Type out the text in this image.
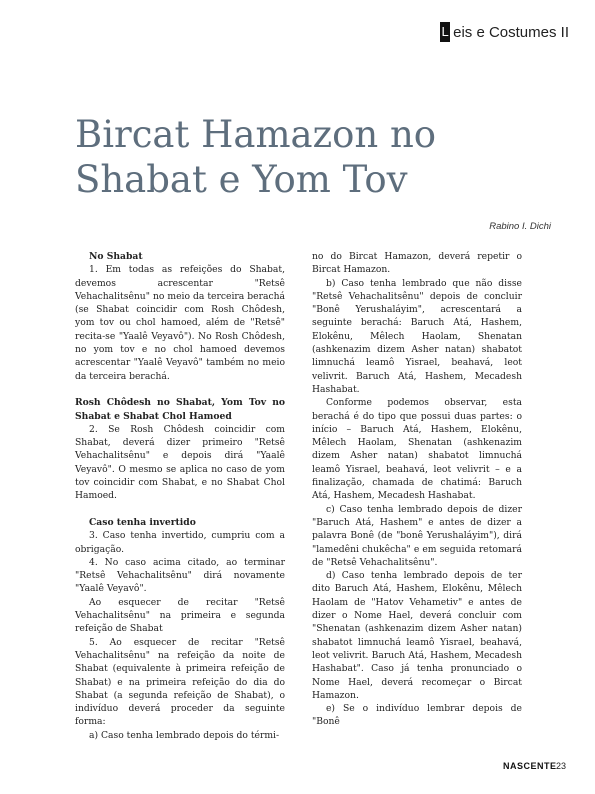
L eis e Costumes II
Bircat Hamazon no Shabat e Yom Tov
Rabino I. Dichi

No Shabat

1. Em todas as refeições do Shabat, devemos acrescentar "Retsê Vehachalitsênu" no meio da terceira berachá (se Shabat coincidir com Rosh Chôdesh, yom tov ou chol hamoed, além de "Retsê" recita-se "Yaalê Veyavô"). No Rosh Chôdesh, no yom tov e no chol hamoed devemos acrescentar "Yaalê Veyavô" também no meio da terceira berachá.

Rosh Chôdesh no Shabat, Yom Tov no Shabat e Shabat Chol Hamoed

2. Se Rosh Chôdesh coincidir com Shabat, deverá dizer primeiro "Retsê Vehachalitsênu" e depois dirá "Yaalê Veyavô". O mesmo se aplica no caso de yom tov coincidir com Shabat, e no Shabat Chol Hamoed.

Caso tenha invertido

3. Caso tenha invertido, cumpriu com a obrigação.

4. No caso acima citado, ao terminar "Retsê Vehachalitsênu" dirá novamente "Yaalê Veyavô".

Ao esquecer de recitar "Retsê Vehachalitsênu" na primeira e segunda refeição de Shabat

5. Ao esquecer de recitar "Retsê Vehachalitsênu" na refeição da noite de Shabat (equivalente à primeira refeição de Shabat) e na primeira refeição do dia do Shabat (a segunda refeição de Shabat), o indivíduo deverá proceder da seguinte forma:

a) Caso tenha lembrado depois do térmi-

no do Bircat Hamazon, deverá repetir o Bircat Hamazon.

b) Caso tenha lembrado que não disse "Retsê Vehachalitsênu" depois de concluir "Bonê Yerushaláyim", acrescentará a seguinte berachá: Baruch Atá, Hashem, Elokênu, Mêlech Haolam, Shenatan (ashkenazim dizem Asher natan) shabatot limnuchá leamô Yisrael, beahavá, leot velivrit. Baruch Atá, Hashem, Mecadesh Hashabat.

Conforme podemos observar, esta berachá é do tipo que possui duas partes: o início – Baruch Atá, Hashem, Elokênu, Mêlech Haolam, Shenatan (ashkenazim dizem Asher natan) shabatot limnuchá leamô Yisrael, beahavá, leot velivrit – e a finalização, chamada de chatimá: Baruch Atá, Hashem, Mecadesh Hashabat.

c) Caso tenha lembrado depois de dizer "Baruch Atá, Hashem" e antes de dizer a palavra Bonê (de "bonê Yerushaláyim"), dirá "lamedêni chukêcha" e em seguida retomará de "Retsê Vehachalitsênu".

d) Caso tenha lembrado depois de ter dito Baruch Atá, Hashem, Elokênu, Mêlech Haolam de "Hatov Vehametiv" e antes de dizer o Nome Hael, deverá concluir com "Shenatan (ashkenazim dizem Asher natan) shabatot limnuchá leamô Yisrael, beahavá, leot velivrit. Baruch Atá, Hashem, Mecadesh Hashabat". Caso já tenha pronunciado o Nome Hael, deverá recomeçar o Bircat Hamazon.

e) Se o indivíduo lembrar depois de "Bonê

NASCENTE 23
